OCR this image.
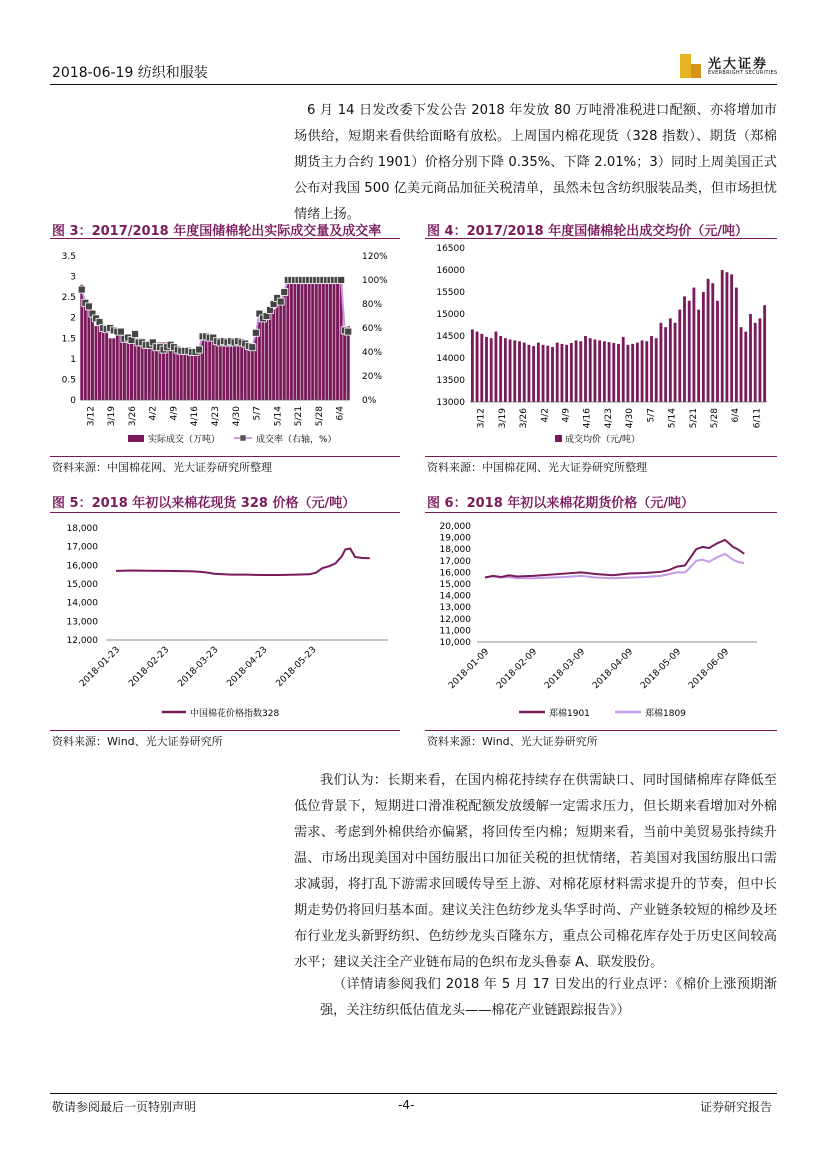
2018-06-19 纺织和服装
光大证券
EVERBRIGHT SECURITIES
6 月 14 日发改委下发公告 2018 年发放 80 万吨滑准税进口配额、亦将增加市场供给，短期来看供给面略有放松。上周国内棉花现货（328 指数）、期货（郑棉期货主力合约 1901）价格分别下降 0.35%、下降 2.01%；3）同时上周美国正式公布对我国 500 亿美元商品加征关税清单，虽然未包含纺织服装品类，但市场担忧情绪上扬。
图 3：2017/2018 年度国储棉轮出实际成交量及成交率	图 4：2017/2018 年度国储棉轮出成交均价（元/吨）
0
0.5
1
1.5
2
2.5
3
3.5
0%
20%
40%
60%
80%
100%
120%
3/12 3/19 3/26 4/2 4/9 4/16 4/23 4/30 5/7 5/14 5/21 5/28 6/4
实际成交（万吨）	成交率（右轴，%）
13000
13500
14000
14500
15000
15500
16000
16500
3/12 3/19 3/26 4/2 4/9 4/16 4/23 4/30 5/7 5/14 5/21 5/28 6/4 6/11
成交均价（元/吨）
资料来源：中国棉花网、光大证券研究所整理	资料来源：中国棉花网、光大证券研究所整理
图 5：2018 年初以来棉花现货 328 价格（元/吨）	图 6：2018 年初以来棉花期货价格（元/吨）
12,000
13,000
14,000
15,000
16,000
17,000
18,000
2018-01-23 2018-02-23 2018-03-23 2018-04-23 2018-05-23
中国棉花价格指数328
10,000
11,000
12,000
13,000
14,000
15,000
16,000
17,000
18,000
19,000
20,000
2018-01-09 2018-02-09 2018-03-09 2018-04-09 2018-05-09 2018-06-09
郑棉1901	郑棉1809
资料来源：Wind、光大证券研究所	资料来源：Wind、光大证券研究所
我们认为：长期来看，在国内棉花持续存在供需缺口、同时国储棉库存降低至低位背景下，短期进口滑准税配额发放缓解一定需求压力，但长期来看增加对外棉需求、考虑到外棉供给亦偏紧，将回传至内棉；短期来看，当前中美贸易张持续升温、市场出现美国对中国纺服出口加征关税的担忧情绪，若美国对我国纺服出口需求减弱，将打乱下游需求回暖传导至上游、对棉花原材料需求提升的节奏，但中长期走势仍将回归基本面。建议关注色纺纱龙头华孚时尚、产业链条较短的棉纱及坯布行业龙头新野纺织、色纺纱龙头百隆东方，重点公司棉花库存处于历史区间较高水平；建议关注全产业链布局的色织布龙头鲁泰 A、联发股份。
（详情请参阅我们 2018 年 5 月 17 日发出的行业点评：《棉价上涨预期渐强，关注纺织低估值龙头——棉花产业链跟踪报告》）
敬请参阅最后一页特别声明	-4-	证券研究报告
